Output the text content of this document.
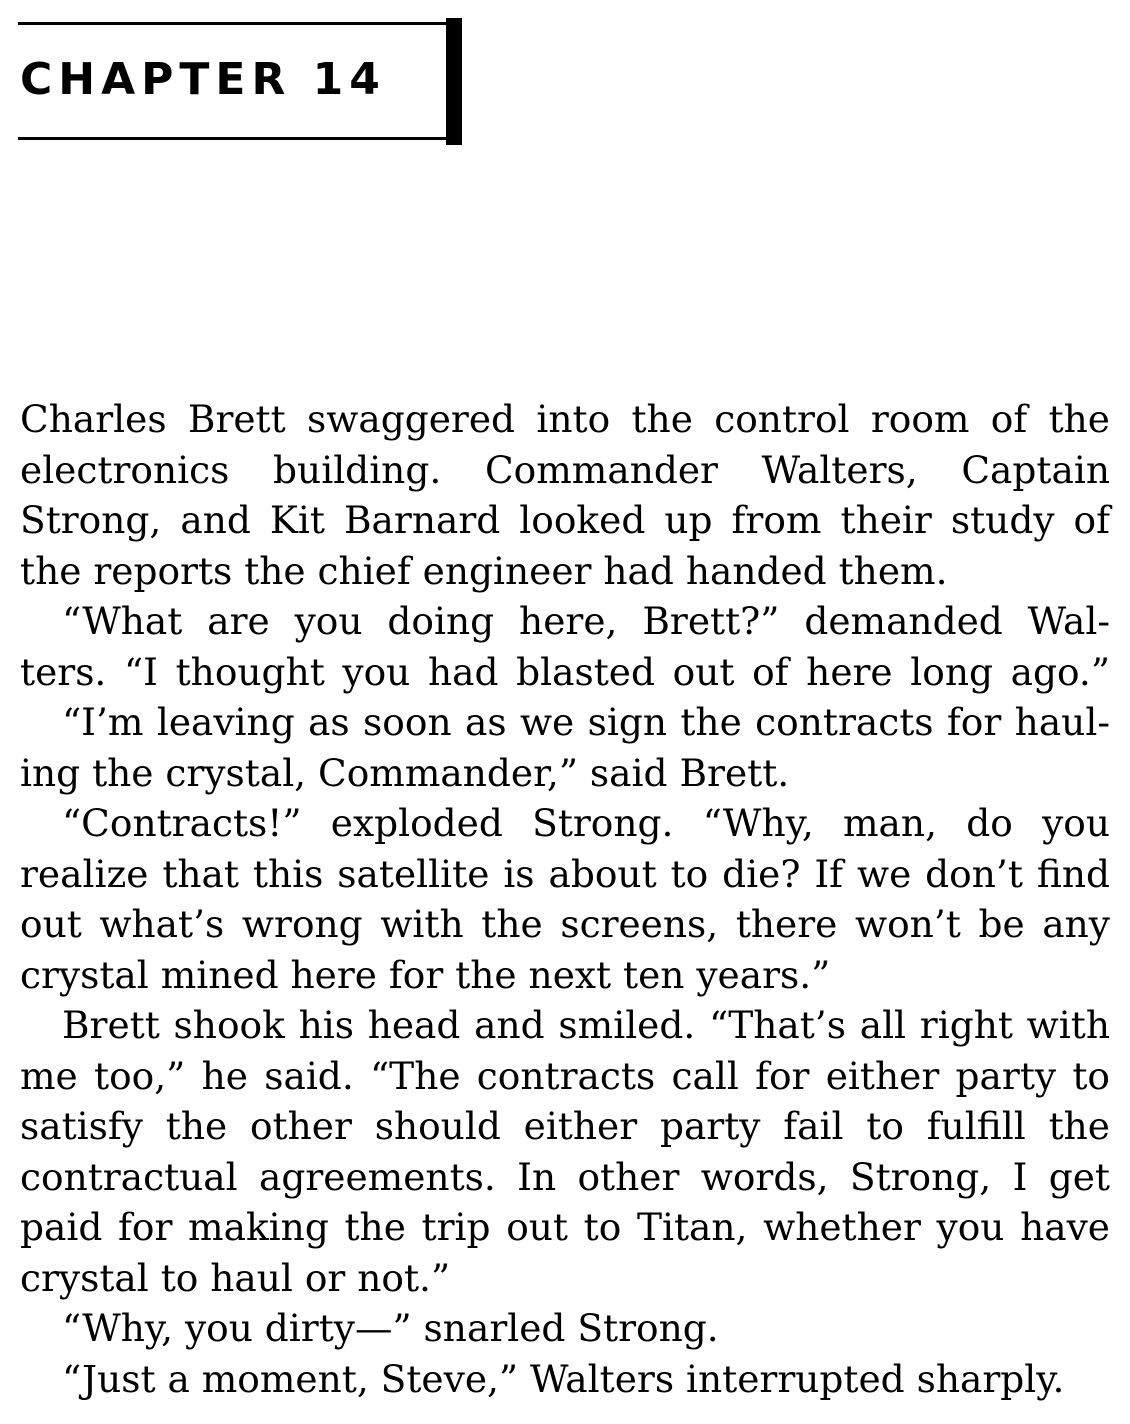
CHAPTER 14

Charles Brett swaggered into the control room of the
electronics building. Commander Walters, Captain
Strong, and Kit Barnard looked up from their study of
the reports the chief engineer had handed them.

“What are you doing here, Brett?” demanded Wal-
ters. “I thought you had blasted out of here long ago.”

“I’m leaving as soon as we sign the contracts for haul-
ing the crystal, Commander,” said Brett.

“Contracts!” exploded Strong. “Why, man, do you
realize that this satellite is about to die? If we don’t find
out what’s wrong with the screens, there won’t be any
crystal mined here for the next ten years.”

Brett shook his head and smiled. “That’s all right with
me too,” he said. “The contracts call for either party to
satisfy the other should either party fail to fulfill the
contractual agreements. In other words, Strong, I get
paid for making the trip out to Titan, whether you have
crystal to haul or not.”

“Why, you dirty—” snarled Strong.

“Just a moment, Steve,” Walters interrupted sharply.
